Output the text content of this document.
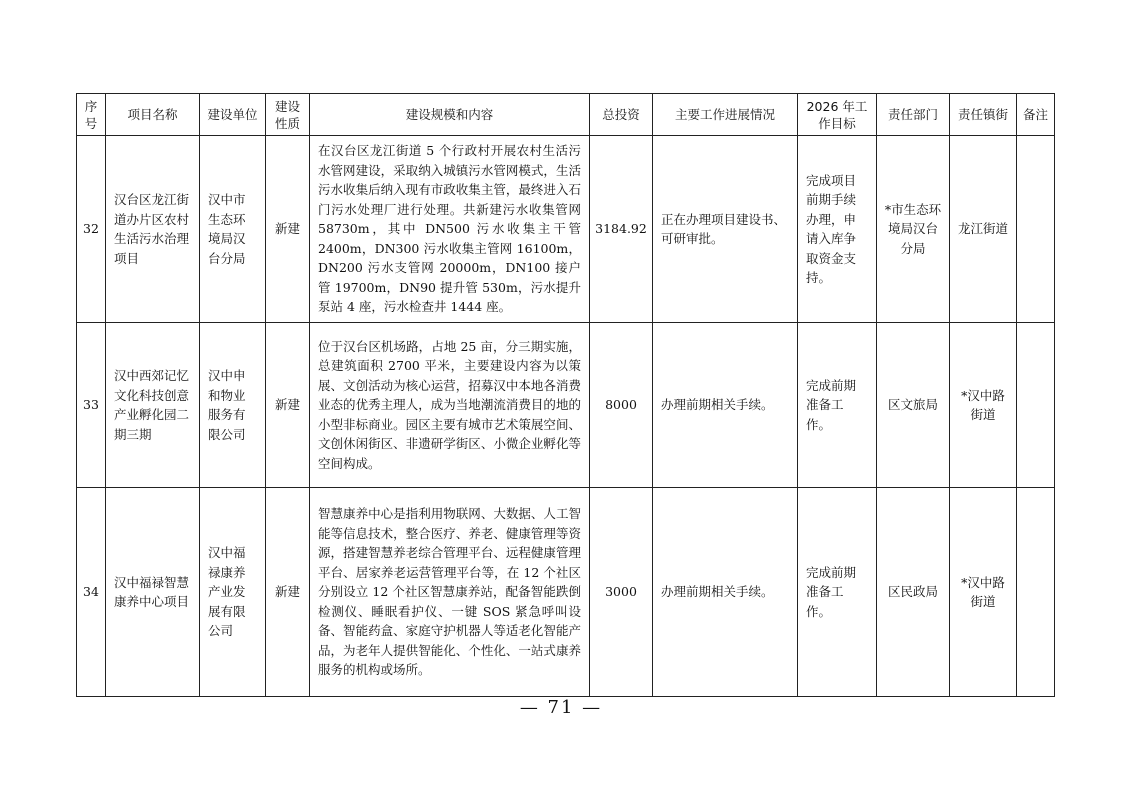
序号	项目名称	建设单位	建设性质	建设规模和内容	总投资	主要工作进展情况	2026 年工作目标	责任部门	责任镇街	备注
32	汉台区龙江街道办片区农村生活污水治理项目	汉中市生态环境局汉台分局	新建	在汉台区龙江街道 5 个行政村开展农村生活污水管网建设，采取纳入城镇污水管网模式，生活污水收集后纳入现有市政收集主管，最终进入石门污水处理厂进行处理。共新建污水收集管网 58730m，其中 DN500 污水收集主干管 2400m，DN300 污水收集主管网 16100m，DN200 污水支管网 20000m，DN100 接户管 19700m，DN90 提升管 530m，污水提升泵站 4 座，污水检查井 1444 座。	3184.92	正在办理项目建设书、可研审批。	完成项目前期手续办理，申请入库争取资金支持。	*市生态环境局汉台分局	龙江街道	
33	汉中西郊记忆文化科技创意产业孵化园二期三期	汉中申和物业服务有限公司	新建	位于汉台区机场路，占地 25 亩，分三期实施，总建筑面积 2700 平米，主要建设内容为以策展、文创活动为核心运营，招募汉中本地各消费业态的优秀主理人，成为当地潮流消费目的地的小型非标商业。园区主要有城市艺术策展空间、文创休闲街区、非遗研学街区、小微企业孵化等空间构成。	8000	办理前期相关手续。	完成前期准备工作。	区文旅局	*汉中路街道	
34	汉中福禄智慧康养中心项目	汉中福禄康养产业发展有限公司	新建	智慧康养中心是指利用物联网、大数据、人工智能等信息技术，整合医疗、养老、健康管理等资源，搭建智慧养老综合管理平台、远程健康管理平台、居家养老运营管理平台等，在 12 个社区分别设立 12 个社区智慧康养站，配备智能跌倒检测仪、睡眠看护仪、一键 SOS 紧急呼叫设备、智能药盒、家庭守护机器人等适老化智能产品，为老年人提供智能化、个性化、一站式康养服务的机构或场所。	3000	办理前期相关手续。	完成前期准备工作。	区民政局	*汉中路街道	
— 71 —
